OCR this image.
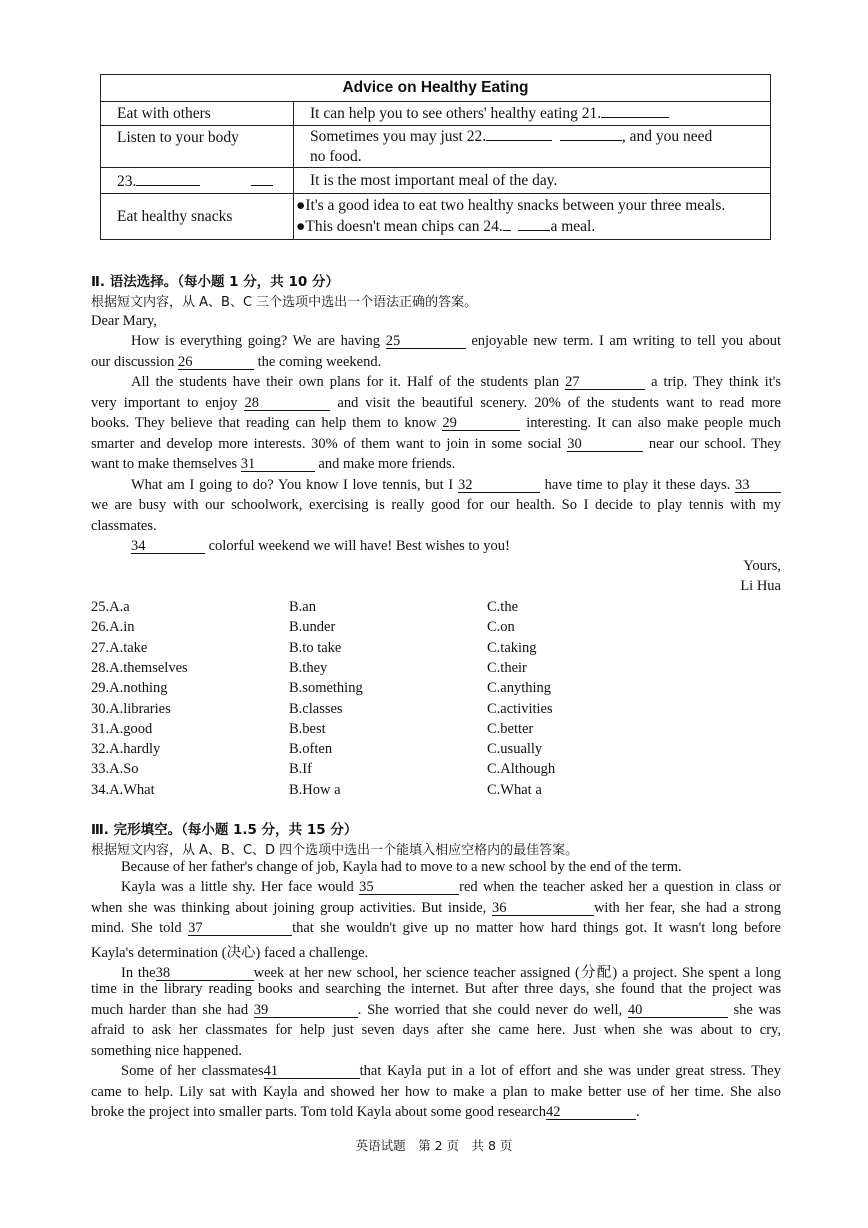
Advice on Healthy Eating	
Eat with others	It can help you to see others' healthy eating 21.
Listen to your body	Sometimes you may just 22. , and you need
no food.

23.	It is the most important meal of the day.
Eat healthy snacks	●It's a good idea to eat two healthy snacks between your three meals.
●This doesn't mean chips can 24. a meal.
Ⅱ. 语法选择。（每小题 1 分，共 10 分）
根据短文内容，从 A、B、C 三个选项中选出一个语法正确的答案。
Dear Mary,
How is everything going? We are having 25	enjoyable new term. I am writing to tell you about
our discussion 26	the coming weekend.
All the students have their own plans for it. Half of the students plan 27	a trip. They think it's
very important to enjoy 28	and visit the beautiful scenery. 20% of the students want to read more
books. They believe that reading can help them to know 29	interesting. It can also make people much
smarter and develop more interests. 30% of them want to join in some social 30	near our school. They
want to make themselves 31	and make more friends.
What am I going to do? You know I love tennis, but I 32	have time to play it these days. 33
we are busy with our schoolwork, exercising is really good for our health. So I decide to play tennis with my
classmates.
34	colorful weekend we will have! Best wishes to you!
Yours,
Li Hua
25.A.a	B.an	C.the
26.A.in	B.under	C.on
27.A.take	B.to take	C.taking
28.A.themselves	B.they	C.their
29.A.nothing	B.something	C.anything
30.A.libraries	B.classes	C.activities
31.A.good	B.best	C.better
32.A.hardly	B.often	C.usually
33.A.So	B.If	C.Although
34.A.What	B.How a	C.What a
Ⅲ. 完形填空。（每小题 1.5 分，共 15 分）
根据短文内容，从 A、B、C、D 四个选项中选出一个能填入相应空格内的最佳答案。
Because of her father's change of job, Kayla had to move to a new school by the end of the term.
Kayla was a little shy. Her face would 35	red when the teacher asked her a question in class or
when she was thinking about joining group activities. But inside, 36	with her fear, she had a strong
mind. She told 37	that she wouldn't give up no matter how hard things got. It wasn't long before
Kayla's determination (决心) faced a challenge.
In the38	week at her new school, her science teacher assigned (分配) a project. She spent a long
time in the library reading books and searching the internet. But after three days, she found that the project was
much harder than she had 39	. She worried that she could never do well, 40	she was
afraid to ask her classmates for help just seven days after she came here. Just when she was about to cry,
something nice happened.
Some of her classmates41	that Kayla put in a lot of effort and she was under great stress. They
came to help. Lily sat with Kayla and showed her how to make a plan to make better use of her time. She also
broke the project into smaller parts. Tom told Kayla about some good research42	.
英语试题　第 2 页　共 8 页
